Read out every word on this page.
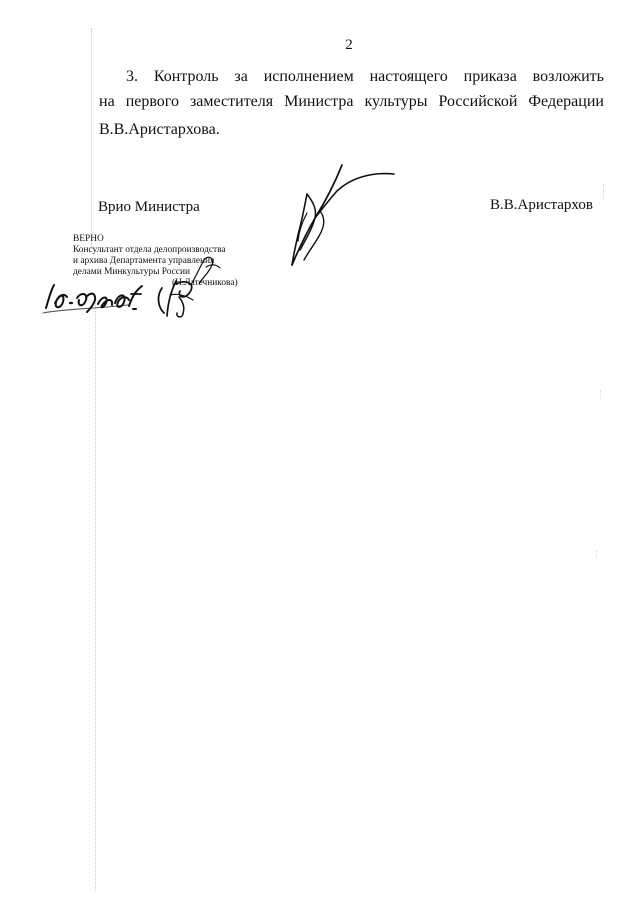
2
3. Контроль за исполнением настоящего приказа возложить
на первого заместителя Министра культуры Российской Федерации
В.В.Аристархова.
Врио Министра	В.В.Аристархов
ВЕРНО
Консультант отдела делопроизводства
и архива Департамента управления
делами Минкультуры России
(Н.Латечникова)
